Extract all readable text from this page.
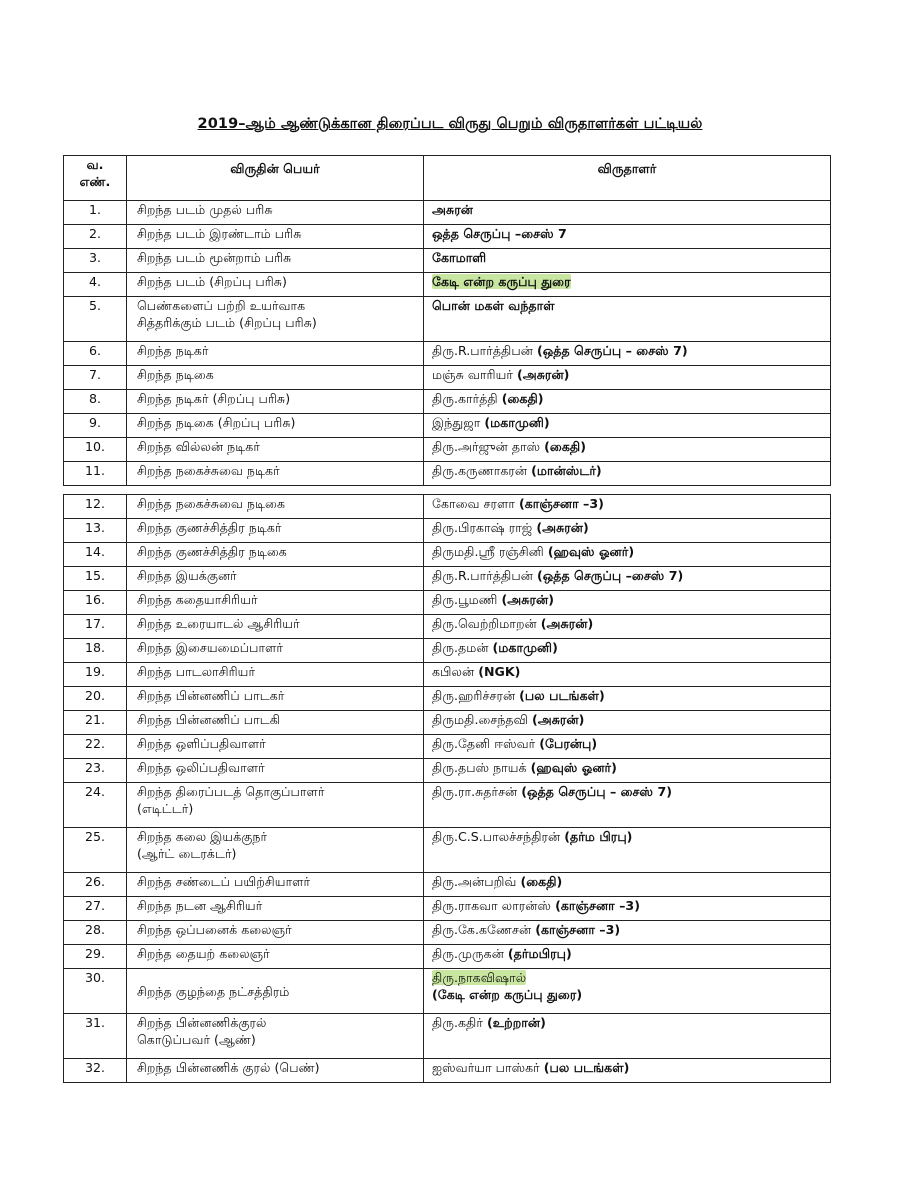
2019–ஆம் ஆண்டுக்கான திரைப்பட விருது பெறும் விருதாளர்கள் பட்டியல்
வ. எண்.	விருதின் பெயர்	விருதாளர்
1.	சிறந்த படம் முதல் பரிசு	அசுரன்
2.	சிறந்த படம் இரண்டாம் பரிசு	ஒத்த செருப்பு –சைஸ் 7
3.	சிறந்த படம் மூன்றாம் பரிசு	கோமாளி
4.	சிறந்த படம் (சிறப்பு பரிசு)	கேடி என்ற கருப்பு துரை
5.	பெண்களைப் பற்றி உயர்வாக
சித்தரிக்கும் படம் (சிறப்பு பரிசு)	பொன் மகள் வந்தாள்
6.	சிறந்த நடிகர்	திரு.R.பார்த்திபன் (ஒத்த செருப்பு – சைஸ் 7)
7.	சிறந்த நடிகை	மஞ்சு வாரியர் (அசுரன்)
8.	சிறந்த நடிகர் (சிறப்பு பரிசு)	திரு.கார்த்தி (கைதி)
9.	சிறந்த நடிகை (சிறப்பு பரிசு)	இந்துஜா (மகாமுனி)
10.	சிறந்த வில்லன் நடிகர்	திரு.அர்ஜுன் தாஸ் (கைதி)
11.	சிறந்த நகைச்சுவை நடிகர்	திரு.கருணாகரன் (மான்ஸ்டர்)
12.	சிறந்த நகைச்சுவை நடிகை	கோவை சரளா (காஞ்சனா –3)
13.	சிறந்த குணச்சித்திர நடிகர்	திரு.பிரகாஷ் ராஜ் (அசுரன்)
14.	சிறந்த குணச்சித்திர நடிகை	திருமதி.ஸ்ரீ ரஞ்சினி (ஹவுஸ் ஓனர்)
15.	சிறந்த இயக்குனர்	திரு.R.பார்த்திபன் (ஒத்த செருப்பு –சைஸ் 7)
16.	சிறந்த கதையாசிரியர்	திரு.பூமணி (அசுரன்)
17.	சிறந்த உரையாடல் ஆசிரியர்	திரு.வெற்றிமாறன் (அசுரன்)
18.	சிறந்த இசையமைப்பாளர்	திரு.தமன் (மகாமுனி)
19.	சிறந்த பாடலாசிரியர்	கபிலன் (NGK)
20.	சிறந்த பின்னணிப் பாடகர்	திரு.ஹரிச்சரன் (பல படங்கள்)
21.	சிறந்த பின்னணிப் பாடகி	திருமதி.சைந்தவி (அசுரன்)
22.	சிறந்த ஒளிப்பதிவாளர்	திரு.தேனி ஈஸ்வர் (பேரன்பு)
23.	சிறந்த ஒலிப்பதிவாளர்	திரு.தபஸ் நாயக் (ஹவுஸ் ஓனர்)
24.	சிறந்த திரைப்படத் தொகுப்பாளர்
(எடிட்டர்)	திரு.ரா.சுதர்சன் (ஒத்த செருப்பு – சைஸ் 7)
25.	சிறந்த கலை இயக்குநர்
(ஆர்ட் டைரக்டர்)	திரு.C.S.பாலச்சந்திரன் (தர்ம பிரபு)
26.	சிறந்த சண்டைப் பயிற்சியாளர்	திரு.அன்பறிவ் (கைதி)
27.	சிறந்த நடன ஆசிரியர்	திரு.ராகவா லாரன்ஸ் (காஞ்சனா –3)
28.	சிறந்த ஒப்பனைக் கலைஞர்	திரு.கே.கணேசன் (காஞ்சனா –3)
29.	சிறந்த தையற் கலைஞர்	திரு.முருகன் (தர்மபிரபு)
30.	சிறந்த குழந்தை நட்சத்திரம்	திரு.நாகவிஷால்
(கேடி என்ற கருப்பு துரை)
31.	சிறந்த பின்னணிக்குரல்
கொடுப்பவர் (ஆண்)	திரு.கதிர் (உற்றான்)
32.	சிறந்த பின்னணிக் குரல் (பெண்)	ஐஸ்வர்யா பாஸ்கர் (பல படங்கள்)
